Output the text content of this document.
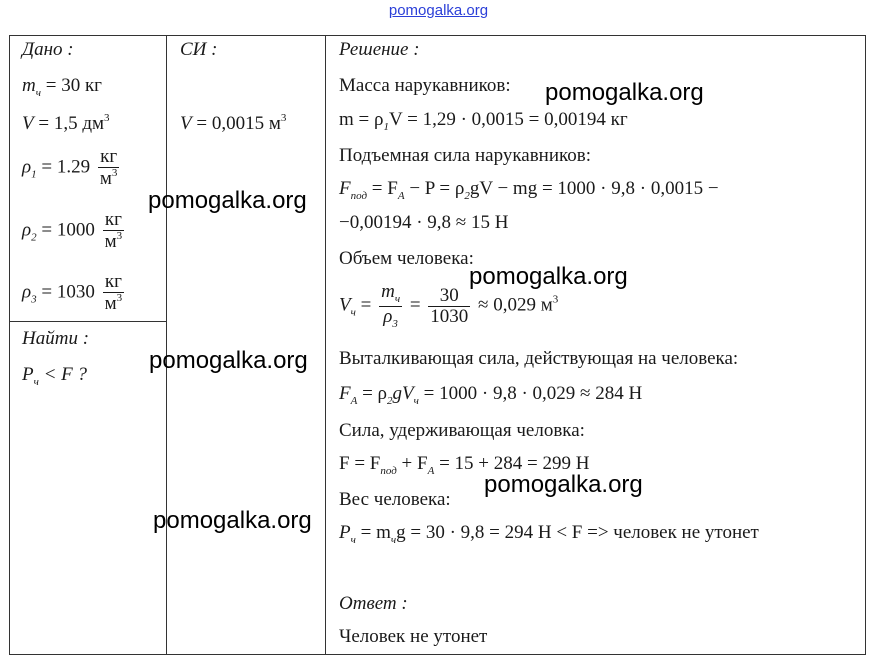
pomogalka.org
Дано :
$m_ч = 30$ кг
V = 1,5 $дм^3$
$\rho_1 = 1.29 \frac{кг}{м^3}$
$\rho_2 = 1000 \frac{кг}{м^3}$
$\rho_3 = 1030 \frac{кг}{м^3}$
Найти :
$P_ч < F$ ?
СИ :
V = 0,0015 $м^3$
Решение :
Масса нарукавников:
$m = \rho_1V = 1,29 \cdot 0,0015 = 0,00194$ кг
Подъемная сила нарукавников:
$F_{под} = F_A - P = \rho_2gV$ − mg = 1000 · 9,8 · 0,0015 −
−0,00194 · 9,8 ≈ 15 Н
Объем человека:
$V_ч = \frac{m_ч}{\rho_3} = \frac{30}{1030} \approx 0,029$ $м^3$
Выталкивающая сила, действующая на человека:
$F_A = \rho_2gV_ч = 1000 \cdot 9,8 \cdot 0,029 \approx 284$ Н
Сила, удерживающая человка:
$F = F_{под} + F_A = 15 + 284 = 299$ Н
Вес человека:
$P_ч = m_чg = 30 \cdot 9,8 = 294$ Н < F => человек не утонет
Ответ :
Человек не утонет
pomogalka.org
pomogalka.org
pomogalka.org
pomogalka.org
pomogalka.org
pomogalka.org
